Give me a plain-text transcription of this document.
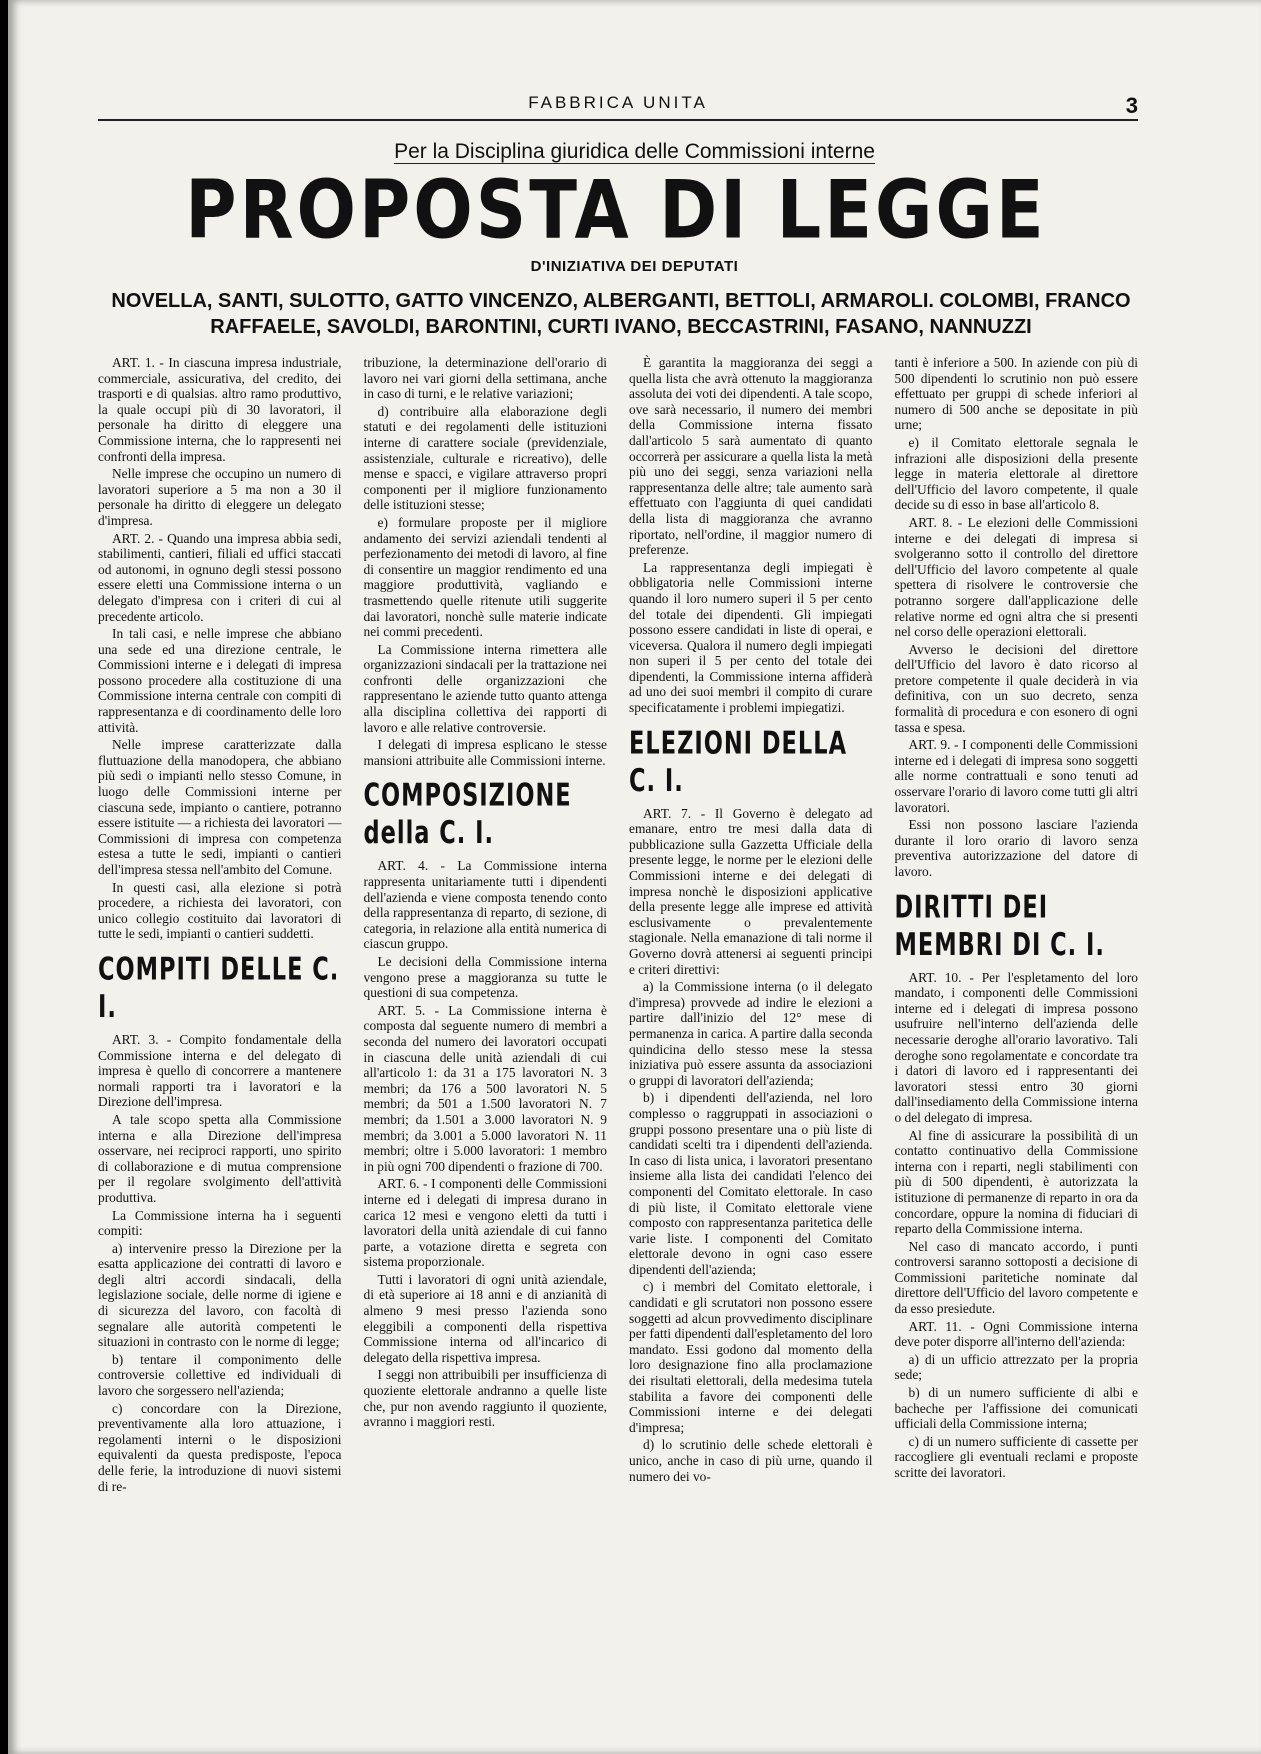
FABBRICA UNITA	3
Per la Disciplina giuridica delle Commissioni interne
PROPOSTA DI LEGGE
D'INIZIATIVA DEI DEPUTATI
NOVELLA, SANTI, SULOTTO, GATTO VINCENZO, ALBERGANTI, BETTOLI, ARMAROLI. COLOMBI, FRANCO RAFFAELE, SAVOLDI, BARONTINI, CURTI IVANO, BECCASTRINI, FASANO, NANNUZZI

ART. 1. - In ciascuna impresa industriale, commerciale, assicurativa, del credito, dei trasporti e di qualsias. altro ramo produttivo, la quale occupi più di 30 lavoratori, il personale ha diritto di eleggere una Commissione interna, che lo rappresenti nei confronti della impresa.

Nelle imprese che occupino un numero di lavoratori superiore a 5 ma non a 30 il personale ha diritto di eleggere un delegato d'impresa.

ART. 2. - Quando una impresa abbia sedi, stabilimenti, cantieri, filiali ed uffici staccati od autonomi, in ognuno degli stessi possono essere eletti una Commissione interna o un delegato d'impresa con i criteri di cui al precedente articolo.

In tali casi, e nelle imprese che abbiano una sede ed una direzione centrale, le Commissioni interne e i delegati di impresa possono procedere alla costituzione di una Commissione interna centrale con compiti di rappresentanza e di coordinamento delle loro attività.

Nelle imprese caratterizzate dalla fluttuazione della manodopera, che abbiano più sedi o impianti nello stesso Comune, in luogo delle Commissioni interne per ciascuna sede, impianto o cantiere, potranno essere istituite — a richiesta dei lavoratori — Commissioni di impresa con competenza estesa a tutte le sedi, impianti o cantieri dell'impresa stessa nell'ambito del Comune.

In questi casi, alla elezione si potrà procedere, a richiesta dei lavoratori, con unico collegio costituito dai lavoratori di tutte le sedi, impianti o cantieri suddetti.

COMPITI DELLE C. I.

ART. 3. - Compito fondamentale della Commissione interna e del delegato di impresa è quello di concorrere a mantenere normali rapporti tra i lavoratori e la Direzione dell'impresa.

A tale scopo spetta alla Commissione interna e alla Direzione dell'impresa osservare, nei reciproci rapporti, uno spirito di collaborazione e di mutua comprensione per il regolare svolgimento dell'attività produttiva.

La Commissione interna ha i seguenti compiti:

a) intervenire presso la Direzione per la esatta applicazione dei contratti di lavoro e degli altri accordi sindacali, della legislazione sociale, delle norme di igiene e di sicurezza del lavoro, con facoltà di segnalare alle autorità competenti le situazioni in contrasto con le norme di legge;

b) tentare il componimento delle controversie collettive ed individuali di lavoro che sorgessero nell'azienda;

c) concordare con la Direzione, preventivamente alla loro attuazione, i regolamenti interni o le disposizioni equivalenti da questa predisposte, l'epoca delle ferie, la introduzione di nuovi sistemi di re-

tribuzione, la determinazione dell'orario di lavoro nei vari giorni della settimana, anche in caso di turni, e le relative variazioni;

d) contribuire alla elaborazione degli statuti e dei regolamenti delle istituzioni interne di carattere sociale (previdenziale, assistenziale, culturale e ricreativo), delle mense e spacci, e vigilare attraverso propri componenti per il migliore funzionamento delle istituzioni stesse;

e) formulare proposte per il migliore andamento dei servizi aziendali tendenti al perfezionamento dei metodi di lavoro, al fine di consentire un maggior rendimento ed una maggiore produttività, vagliando e trasmettendo quelle ritenute utili suggerite dai lavoratori, nonchè sulle materie indicate nei commi precedenti.

La Commissione interna rimettera alle organizzazioni sindacali per la trattazione nei confronti delle organizzazioni che rappresentano le aziende tutto quanto attenga alla disciplina collettiva dei rapporti di lavoro e alle relative controversie.

I delegati di impresa esplicano le stesse mansioni attribuite alle Commissioni interne.

COMPOSIZIONE della C. I.

ART. 4. - La Commissione interna rappresenta unitariamente tutti i dipendenti dell'azienda e viene composta tenendo conto della rappresentanza di reparto, di sezione, di categoria, in relazione alla entità numerica di ciascun gruppo.

Le decisioni della Commissione interna vengono prese a maggioranza su tutte le questioni di sua competenza.

ART. 5. - La Commissione interna è composta dal seguente numero di membri a seconda del numero dei lavoratori occupati in ciascuna delle unità aziendali di cui all'articolo 1: da 31 a 175 lavoratori N. 3 membri; da 176 a 500 lavoratori N. 5 membri; da 501 a 1.500 lavoratori N. 7 membri; da 1.501 a 3.000 lavoratori N. 9 membri; da 3.001 a 5.000 lavoratori N. 11 membri; oltre i 5.000 lavoratori: 1 membro in più ogni 700 dipendenti o frazione di 700.

ART. 6. - I componenti delle Commissioni interne ed i delegati di impresa durano in carica 12 mesi e vengono eletti da tutti i lavoratori della unità aziendale di cui fanno parte, a votazione diretta e segreta con sistema proporzionale.

Tutti i lavoratori di ogni unità aziendale, di età superiore ai 18 anni e di anzianità di almeno 9 mesi presso l'azienda sono eleggibili a componenti della rispettiva Commissione interna od all'incarico di delegato della rispettiva impresa.

I seggi non attribuibili per insufficienza di quoziente elettorale andranno a quelle liste che, pur non avendo raggiunto il quoziente, avranno i maggiori resti.

È garantita la maggioranza dei seggi a quella lista che avrà ottenuto la maggioranza assoluta dei voti dei dipendenti. A tale scopo, ove sarà necessario, il numero dei membri della Commissione interna fissato dall'articolo 5 sarà aumentato di quanto occorrerà per assicurare a quella lista la metà più uno dei seggi, senza variazioni nella rappresentanza delle altre; tale aumento sarà effettuato con l'aggiunta di quei candidati della lista di maggioranza che avranno riportato, nell'ordine, il maggior numero di preferenze.

La rappresentanza degli impiegati è obbligatoria nelle Commissioni interne quando il loro numero superi il 5 per cento del totale dei dipendenti. Gli impiegati possono essere candidati in liste di operai, e viceversa. Qualora il numero degli impiegati non superi il 5 per cento del totale dei dipendenti, la Commissione interna affiderà ad uno dei suoi membri il compito di curare specificatamente i problemi impiegatizi.

ELEZIONI DELLA C. I.

ART. 7. - Il Governo è delegato ad emanare, entro tre mesi dalla data di pubblicazione sulla Gazzetta Ufficiale della presente legge, le norme per le elezioni delle Commissioni interne e dei delegati di impresa nonchè le disposizioni applicative della presente legge alle imprese ed attività esclusivamente o prevalentemente stagionale. Nella emanazione di tali norme il Governo dovrà attenersi ai seguenti principi e criteri direttivi:

a) la Commissione interna (o il delegato d'impresa) provvede ad indire le elezioni a partire dall'inizio del 12° mese di permanenza in carica. A partire dalla seconda quindicina dello stesso mese la stessa iniziativa può essere assunta da associazioni o gruppi di lavoratori dell'azienda;

b) i dipendenti dell'azienda, nel loro complesso o raggruppati in associazioni o gruppi possono presentare una o più liste di candidati scelti tra i dipendenti dell'azienda. In caso di lista unica, i lavoratori presentano insieme alla lista dei candidati l'elenco dei componenti del Comitato elettorale. In caso di più liste, il Comitato elettorale viene composto con rappresentanza paritetica delle varie liste. I componenti del Comitato elettorale devono in ogni caso essere dipendenti dell'azienda;

c) i membri del Comitato elettorale, i candidati e gli scrutatori non possono essere soggetti ad alcun provvedimento disciplinare per fatti dipendenti dall'espletamento del loro mandato. Essi godono dal momento della loro designazione fino alla proclamazione dei risultati elettorali, della medesima tutela stabilita a favore dei componenti delle Commissioni interne e dei delegati d'impresa;

d) lo scrutinio delle schede elettorali è unico, anche in caso di più urne, quando il numero dei vo-

tanti è inferiore a 500. In aziende con più di 500 dipendenti lo scrutinio non può essere effettuato per gruppi di schede inferiori al numero di 500 anche se depositate in più urne;

e) il Comitato elettorale segnala le infrazioni alle disposizioni della presente legge in materia elettorale al direttore dell'Ufficio del lavoro competente, il quale decide su di esso in base all'articolo 8.

ART. 8. - Le elezioni delle Commissioni interne e dei delegati di impresa si svolgeranno sotto il controllo del direttore dell'Ufficio del lavoro competente al quale spettera di risolvere le controversie che potranno sorgere dall'applicazione delle relative norme ed ogni altra che si presenti nel corso delle operazioni elettorali.

Avverso le decisioni del direttore dell'Ufficio del lavoro è dato ricorso al pretore competente il quale deciderà in via definitiva, con un suo decreto, senza formalità di procedura e con esonero di ogni tassa e spesa.

ART. 9. - I componenti delle Commissioni interne ed i delegati di impresa sono soggetti alle norme contrattuali e sono tenuti ad osservare l'orario di lavoro come tutti gli altri lavoratori.

Essi non possono lasciare l'azienda durante il loro orario di lavoro senza preventiva autorizzazione del datore di lavoro.

DIRITTI DEI MEMBRI DI C. I.

ART. 10. - Per l'espletamento del loro mandato, i componenti delle Commissioni interne ed i delegati di impresa possono usufruire nell'interno dell'azienda delle necessarie deroghe all'orario lavorativo. Tali deroghe sono regolamentate e concordate tra i datori di lavoro ed i rappresentanti dei lavoratori stessi entro 30 giorni dall'insediamento della Commissione interna o del delegato di impresa.

Al fine di assicurare la possibilità di un contatto continuativo della Commissione interna con i reparti, negli stabilimenti con più di 500 dipendenti, è autorizzata la istituzione di permanenze di reparto in ora da concordare, oppure la nomina di fiduciari di reparto della Commissione interna.

Nel caso di mancato accordo, i punti controversi saranno sottoposti a decisione di Commissioni paritetiche nominate dal direttore dell'Ufficio del lavoro competente e da esso presiedute.

ART. 11. - Ogni Commissione interna deve poter disporre all'interno dell'azienda:

a) di un ufficio attrezzato per la propria sede;

b) di un numero sufficiente di albi e bacheche per l'affissione dei comunicati ufficiali della Commissione interna;

c) di un numero sufficiente di cassette per raccogliere gli eventuali reclami e proposte scritte dei lavoratori.
